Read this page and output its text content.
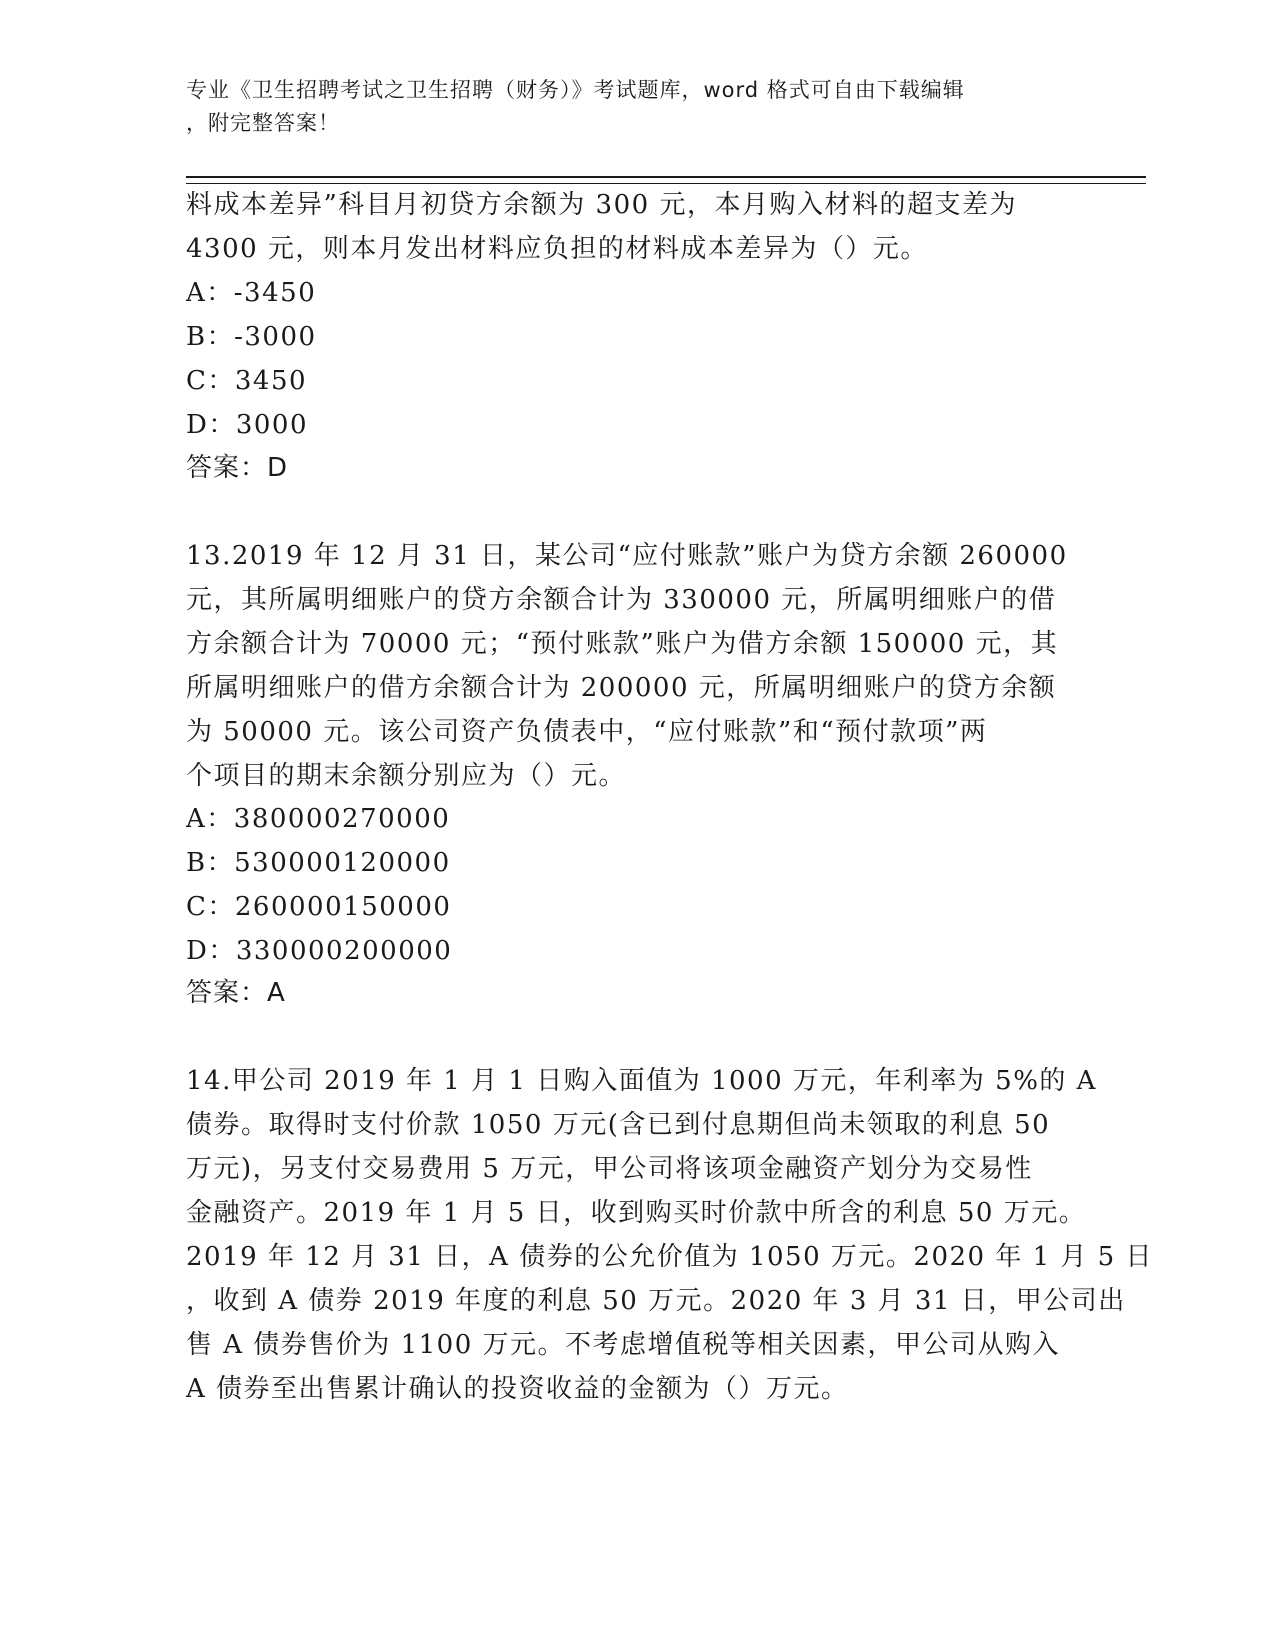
专业《卫生招聘考试之卫生招聘（财务）》考试题库，word 格式可自由下载编辑
，附完整答案！
料成本差异”科目月初贷方余额为 300 元，本月购入材料的超支差为
4300 元，则本月发出材料应负担的材料成本差异为（）元。
A：-3450
B：-3000
C：3450
D：3000
答案：D
13.2019 年 12 月 31 日，某公司“应付账款”账户为贷方余额 260000
元，其所属明细账户的贷方余额合计为 330000 元，所属明细账户的借
方余额合计为 70000 元；“预付账款”账户为借方余额 150000 元，其
所属明细账户的借方余额合计为 200000 元，所属明细账户的贷方余额
为 50000 元。该公司资产负债表中，“应付账款”和“预付款项”两
个项目的期末余额分别应为（）元。
A：380000270000
B：530000120000
C：260000150000
D：330000200000
答案：A
14.甲公司 2019 年 1 月 1 日购入面值为 1000 万元，年利率为 5%的 A
债券。取得时支付价款 1050 万元(含已到付息期但尚未领取的利息 50
万元)，另支付交易费用 5 万元，甲公司将该项金融资产划分为交易性
金融资产。2019 年 1 月 5 日，收到购买时价款中所含的利息 50 万元。
2019 年 12 月 31 日，A 债券的公允价值为 1050 万元。2020 年 1 月 5 日
，收到 A 债券 2019 年度的利息 50 万元。2020 年 3 月 31 日，甲公司出
售 A 债券售价为 1100 万元。不考虑增值税等相关因素，甲公司从购入
A 债券至出售累计确认的投资收益的金额为（）万元。
